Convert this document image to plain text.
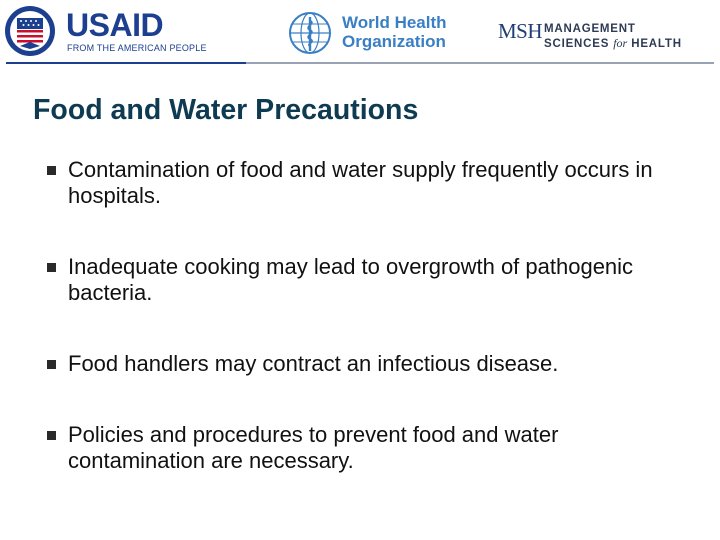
USAID
FROM THE AMERICAN PEOPLE
World Health Organization	MSH MANAGEMENT
SCIENCES for HEALTH
Food and Water Precautions
Contamination of food and water supply frequently occurs in hospitals.
Inadequate cooking may lead to overgrowth of pathogenic bacteria.
Food handlers may contract an infectious disease.
Policies and procedures to prevent food and water contamination are necessary.
